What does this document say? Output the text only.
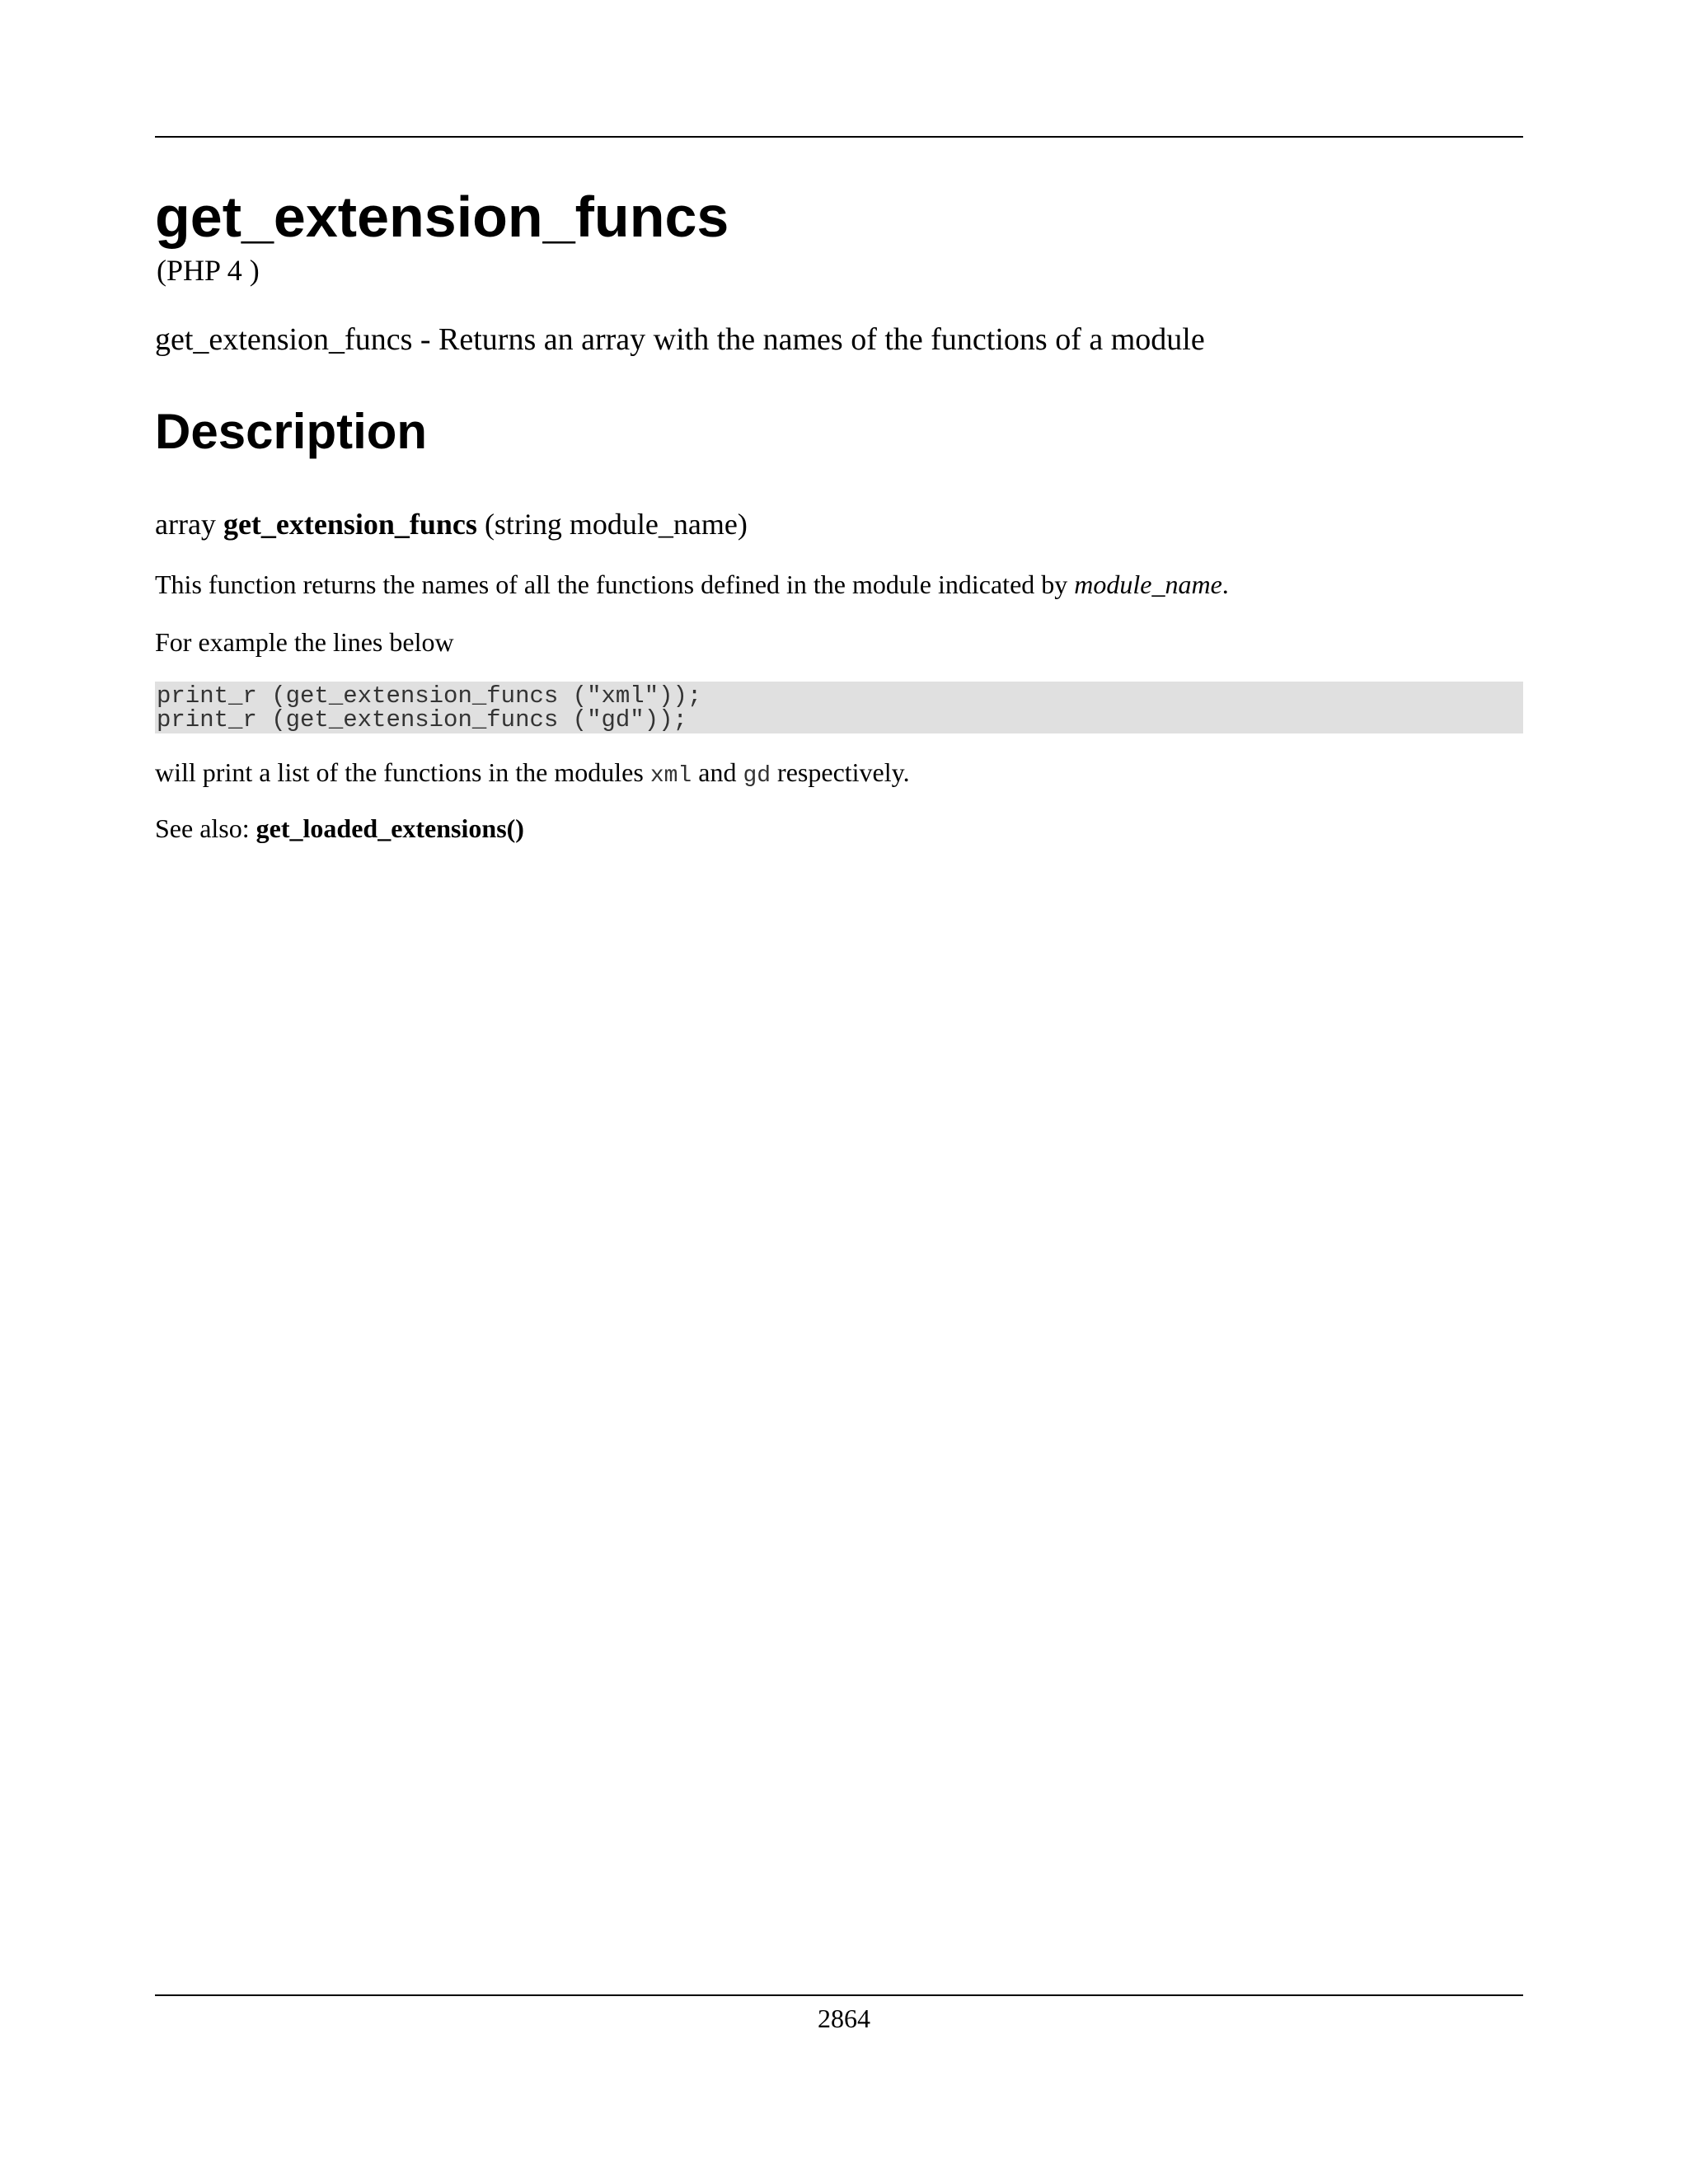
get_extension_funcs
(PHP 4 )
get_extension_funcs - Returns an array with the names of the functions of a module
Description
array get_extension_funcs (string module_name)
This function returns the names of all the functions defined in the module indicated by module_name.
For example the lines below
print_r (get_extension_funcs ("xml"));
print_r (get_extension_funcs ("gd"));
will print a list of the functions in the modules xml and gd respectively.
See also: get_loaded_extensions()
2864
